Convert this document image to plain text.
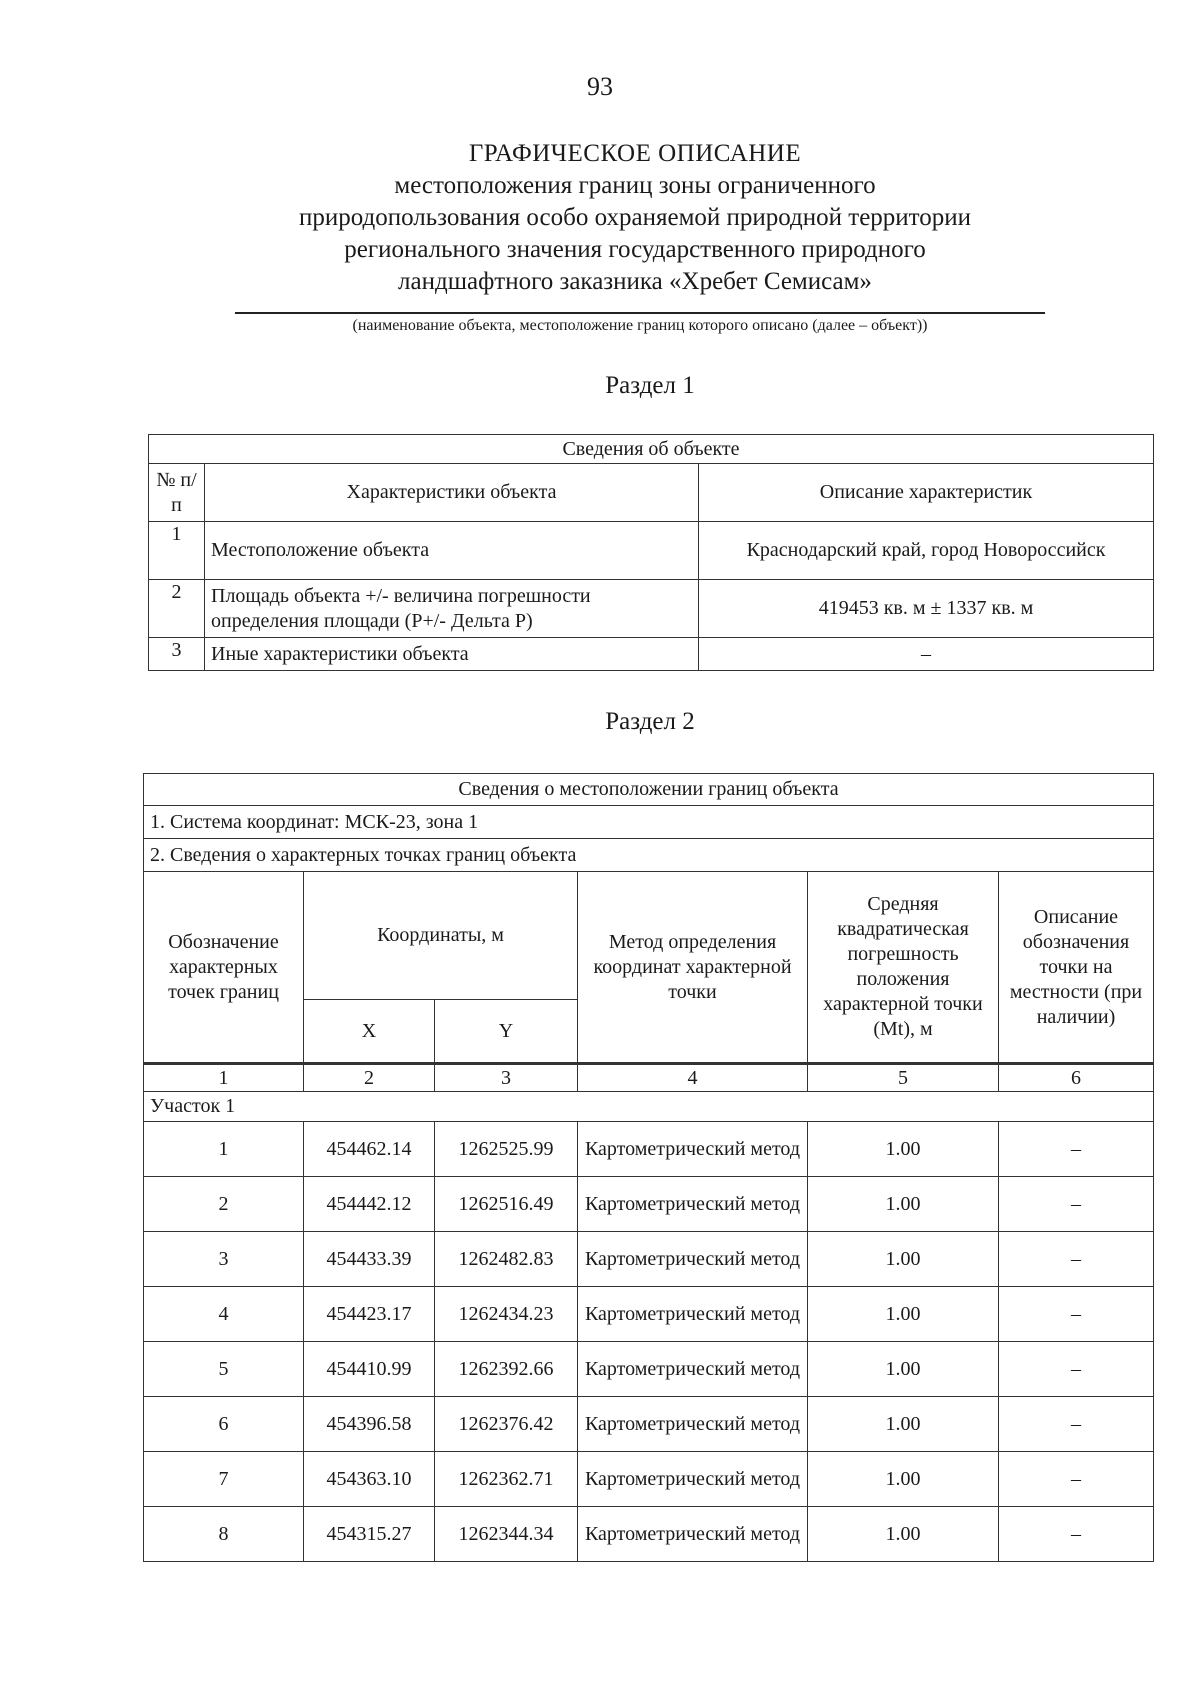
93
ГРАФИЧЕСКОЕ ОПИСАНИЕ
местоположения границ зоны ограниченного
природопользования особо охраняемой природной территории
регионального значения государственного природного
ландшафтного заказника «Хребет Семисам»
(наименование объекта, местоположение границ которого описано (далее – объект))
Раздел 1
Сведения об объекте		
№ п/п	Характеристики объекта	Описание характеристик
1	Местоположение объекта	Краснодарский край, город Новороссийск
2	Площадь объекта +/- величина погрешности определения площади (P+/- Дельта P)	419453 кв. м ± 1337 кв. м
3	Иные характеристики объекта	–
Раздел 2
Сведения о местоположении границ объекта					
1. Система координат: МСК-23, зона 1					
2. Сведения о характерных точках границ объекта					
Обозначение характерных точек границ	Координаты, м		Метод определения координат характерной точки	Средняя квадратическая погрешность положения характерной точки (Mt), м	Описание обозначения точки на местности (при наличии)
	X	Y			
1	2	3	4	5	6
Участок 1					
1	454462.14	1262525.99	Картометрический метод	1.00	–
2	454442.12	1262516.49	Картометрический метод	1.00	–
3	454433.39	1262482.83	Картометрический метод	1.00	–
4	454423.17	1262434.23	Картометрический метод	1.00	–
5	454410.99	1262392.66	Картометрический метод	1.00	–
6	454396.58	1262376.42	Картометрический метод	1.00	–
7	454363.10	1262362.71	Картометрический метод	1.00	–
8	454315.27	1262344.34	Картометрический метод	1.00	–
